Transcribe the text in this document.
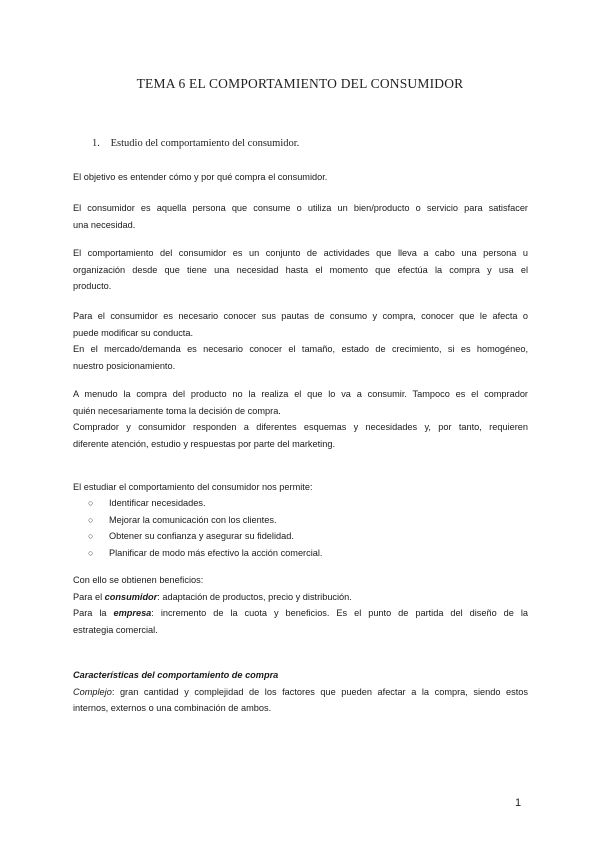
TEMA 6 EL COMPORTAMIENTO DEL CONSUMIDOR
1. Estudio del comportamiento del consumidor.
El objetivo es entender cómo y por qué compra el consumidor.
El consumidor es aquella persona que consume o utiliza un bien/producto o servicio para satisfacer
una necesidad.
El comportamiento del consumidor es un conjunto de actividades que lleva a cabo una persona u
organización desde que tiene una necesidad hasta el momento que efectúa la compra y usa el
producto.
Para el consumidor es necesario conocer sus pautas de consumo y compra, conocer que le afecta o
puede modificar su conducta.
En el mercado/demanda es necesario conocer el tamaño, estado de crecimiento, si es homogéneo,
nuestro posicionamiento.
A menudo la compra del producto no la realiza el que lo va a consumir. Tampoco es el comprador
quién necesariamente toma la decisión de compra.
Comprador y consumidor responden a diferentes esquemas y necesidades y, por tanto, requieren
diferente atención, estudio y respuestas por parte del marketing.
El estudiar el comportamiento del consumidor nos permite:
○ Identificar necesidades.
○ Mejorar la comunicación con los clientes.
○ Obtener su confianza y asegurar su fidelidad.
○ Planificar de modo más efectivo la acción comercial.
Con ello se obtienen beneficios:
Para el consumidor: adaptación de productos, precio y distribución.
Para la empresa: incremento de la cuota y beneficios. Es el punto de partida del diseño de la
estrategia comercial.
Características del comportamiento de compra
Complejo: gran cantidad y complejidad de los factores que pueden afectar a la compra, siendo estos
internos, externos o una combinación de ambos.
1
